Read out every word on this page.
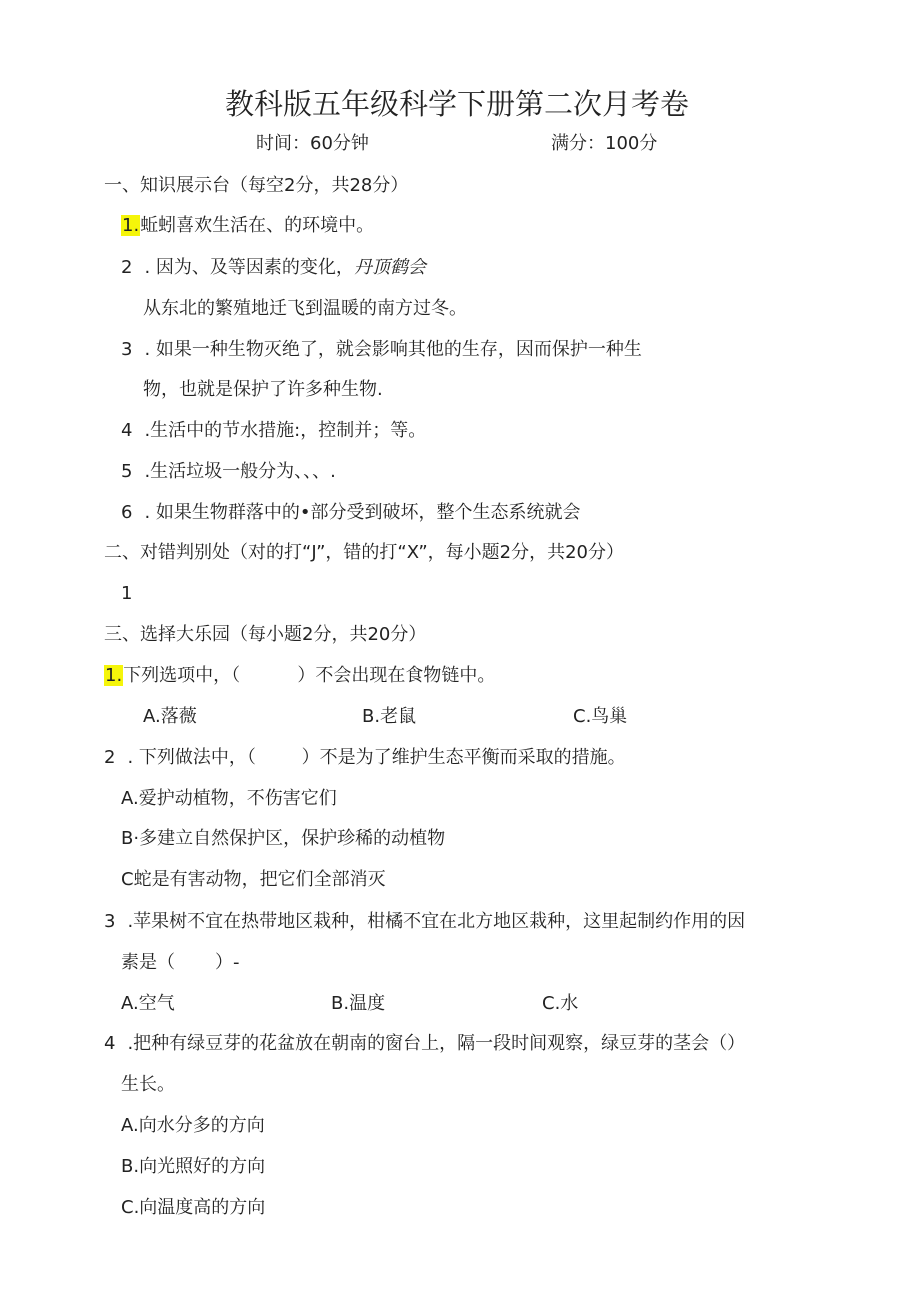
教科版五年级科学下册第二次月考卷
时间：60分钟	满分：100分
一、知识展示台（每空2分，共28分）
1.蚯蚓喜欢生活在、的环境中。
2 . 因为、及等因素的变化，丹顶鹤会
从东北的繁殖地迁飞到温暖的南方过冬。
3 . 如果一种生物灭绝了，就会影响其他的生存，因而保护一种生
物，也就是保护了许多种生物.
4 .生活中的节水措施:，控制并；等。
5 .生活垃圾一般分为、、、.
6 . 如果生物群落中的•部分受到破坏，整个生态系统就会
二、对错判别处（对的打“J”，错的打“X”，每小题2分，共20分）
1
三、选择大乐园（每小题2分，共20分）
1.下列选项中，（          ）不会出现在食物链中。
A.落薇	B.老鼠	C.鸟巢
2 . 下列做法中，（        ）不是为了维护生态平衡而采取的措施。
A.爱护动植物，不伤害它们
B·多建立自然保护区，保护珍稀的动植物
C蛇是有害动物，把它们全部消灭
3 .苹果树不宜在热带地区栽种，柑橘不宜在北方地区栽种，这里起制约作用的因
素是（       ）-
A.空气	B.温度	C.水
4 .把种有绿豆芽的花盆放在朝南的窗台上，隔一段时间观察，绿豆芽的茎会（）
生长。
A.向水分多的方向
B.向光照好的方向
C.向温度高的方向
